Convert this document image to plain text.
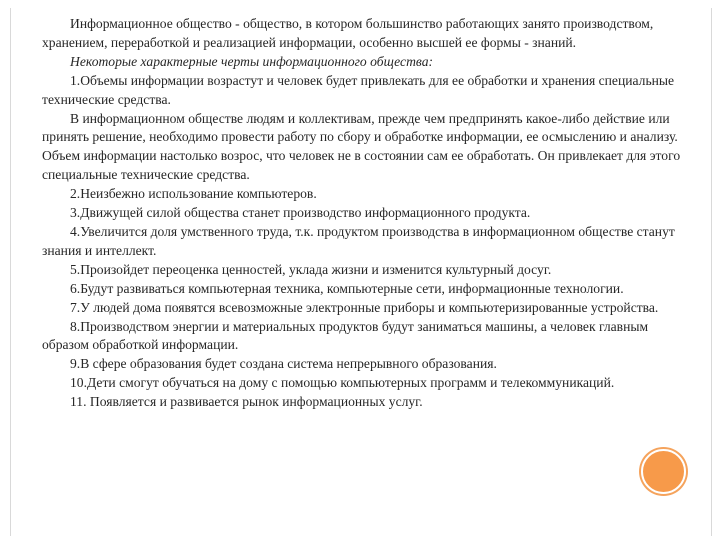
Информационное общество - общество, в котором большинство работающих занято производством, хранением, переработкой и реализацией информации, особенно высшей ее формы - знаний.

Некоторые характерные черты информационного общества:

1.Объемы информации возрастут и человек будет привлекать для ее обработки и хранения специальные технические средства.

В информационном обществе людям и коллективам, прежде чем предпринять какое-либо действие или принять решение, необходимо провести работу по сбору и обработке информации, ее осмыслению и анализу. Объем информации настолько возрос, что человек не в состоянии сам ее обработать. Он привлекает для этого специальные технические средства.

2.Неизбежно использование компьютеров.

3.Движущей силой общества станет производство информационного продукта.

4.Увеличится доля умственного труда, т.к. продуктом производства в информационном обществе станут знания и интеллект.

5.Произойдет переоценка ценностей, уклада жизни и изменится культурный досуг.

6.Будут развиваться компьютерная техника, компьютерные сети, информационные технологии.

7.У людей дома появятся всевозможные электронные приборы и компьютеризированные устройства.

8.Производством энергии и материальных продуктов будут заниматься машины, а человек главным образом обработкой информации.

9.В сфере образования будет создана система непрерывного образования.

10.Дети смогут обучаться на дому с помощью компьютерных программ и телекоммуникаций.

11. Появляется и развивается рынок информационных услуг.
